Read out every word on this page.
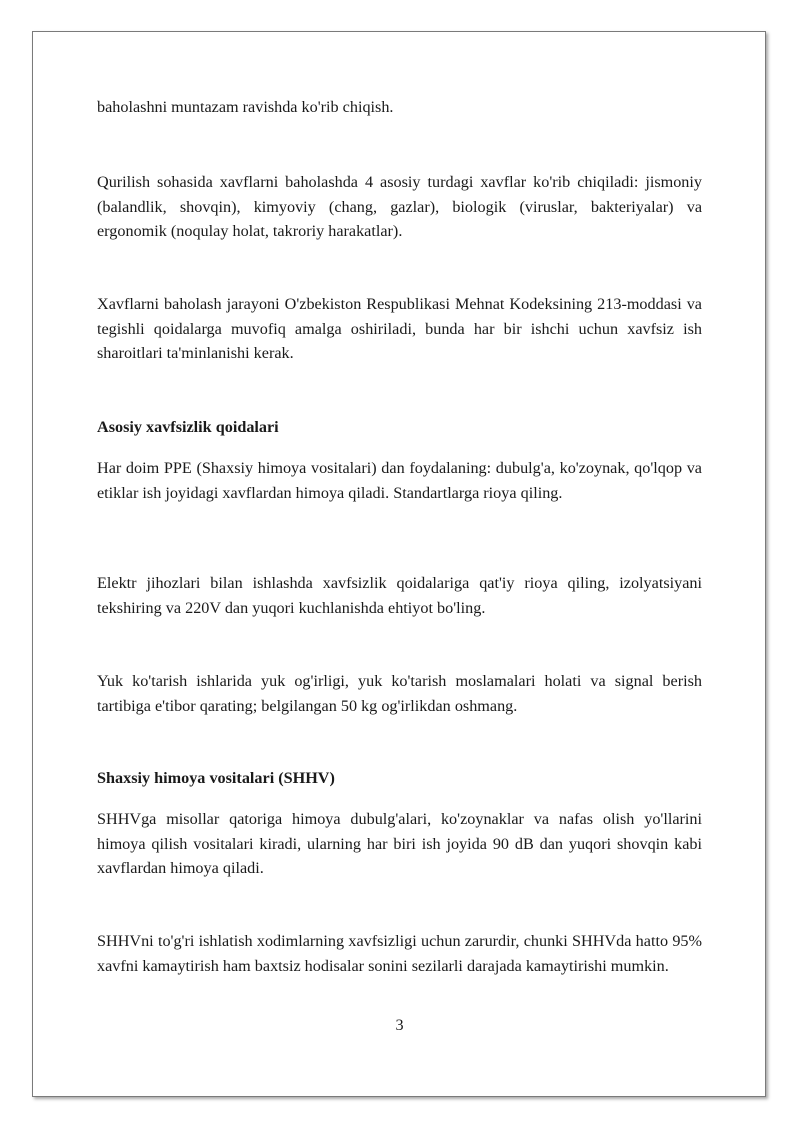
baholashni muntazam ravishda ko'rib chiqish.

Qurilish sohasida xavflarni baholashda 4 asosiy turdagi xavflar ko'rib chiqiladi: jismoniy (balandlik, shovqin), kimyoviy (chang, gazlar), biologik (viruslar, bakteriyalar) va ergonomik (noqulay holat, takroriy harakatlar).

Xavflarni baholash jarayoni O'zbekiston Respublikasi Mehnat Kodeksining 213-moddasi va tegishli qoidalarga muvofiq amalga oshiriladi, bunda har bir ishchi uchun xavfsiz ish sharoitlari ta'minlanishi kerak.

Asosiy xavfsizlik qoidalari

Har doim PPE (Shaxsiy himoya vositalari) dan foydalaning: dubulg'a, ko'zoynak, qo'lqop va etiklar ish joyidagi xavflardan himoya qiladi. Standartlarga rioya qiling.

Elektr jihozlari bilan ishlashda xavfsizlik qoidalariga qat'iy rioya qiling, izolyatsiyani tekshiring va 220V dan yuqori kuchlanishda ehtiyot bo'ling.

Yuk ko'tarish ishlarida yuk og'irligi, yuk ko'tarish moslamalari holati va signal berish tartibiga e'tibor qarating; belgilangan 50 kg og'irlikdan oshmang.

Shaxsiy himoya vositalari (SHHV)

SHHVga misollar qatoriga himoya dubulg'alari, ko'zoynaklar va nafas olish yo'llarini himoya qilish vositalari kiradi, ularning har biri ish joyida 90 dB dan yuqori shovqin kabi xavflardan himoya qiladi.

SHHVni to'g'ri ishlatish xodimlarning xavfsizligi uchun zarurdir, chunki SHHVda hatto 95% xavfni kamaytirish ham baxtsiz hodisalar sonini sezilarli darajada kamaytirishi mumkin.

3
